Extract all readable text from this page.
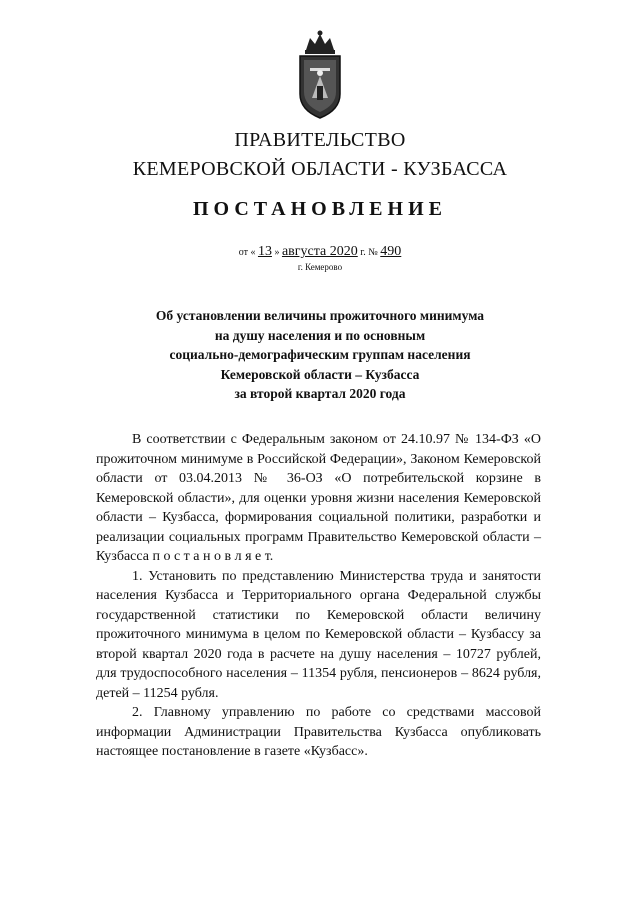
ПРАВИТЕЛЬСТВО
КЕМЕРОВСКОЙ ОБЛАСТИ - КУЗБАССА
ПОСТАНОВЛЕНИЕ
от « 13 » августа 2020 г. № 490
г. Кемерово
Об установлении величины прожиточного минимума
на душу населения и по основным
социально-демографическим группам населения
Кемеровской области – Кузбасса
за второй квартал 2020 года

В соответствии с Федеральным законом от 24.10.97 № 134-ФЗ «О прожиточном минимуме в Российской Федерации», Законом Кемеровской области от 03.04.2013 № 36-ОЗ «О потребительской корзине в Кемеровской области», для оценки уровня жизни населения Кемеровской области – Кузбасса, формирования социальной политики, разработки и реализации социальных программ Правительство Кемеровской области – Кузбасса п о с т а н о в л я е т.

1. Установить по представлению Министерства труда и занятости населения Кузбасса и Территориального органа Федеральной службы государственной статистики по Кемеровской области величину прожиточного минимума в целом по Кемеровской области – Кузбассу за второй квартал 2020 года в расчете на душу населения – 10727 рублей, для трудоспособного населения – 11354 рубля, пенсионеров – 8624 рубля, детей – 11254 рубля.

2. Главному управлению по работе со средствами массовой информации Администрации Правительства Кузбасса опубликовать настоящее постановление в газете «Кузбасс».
